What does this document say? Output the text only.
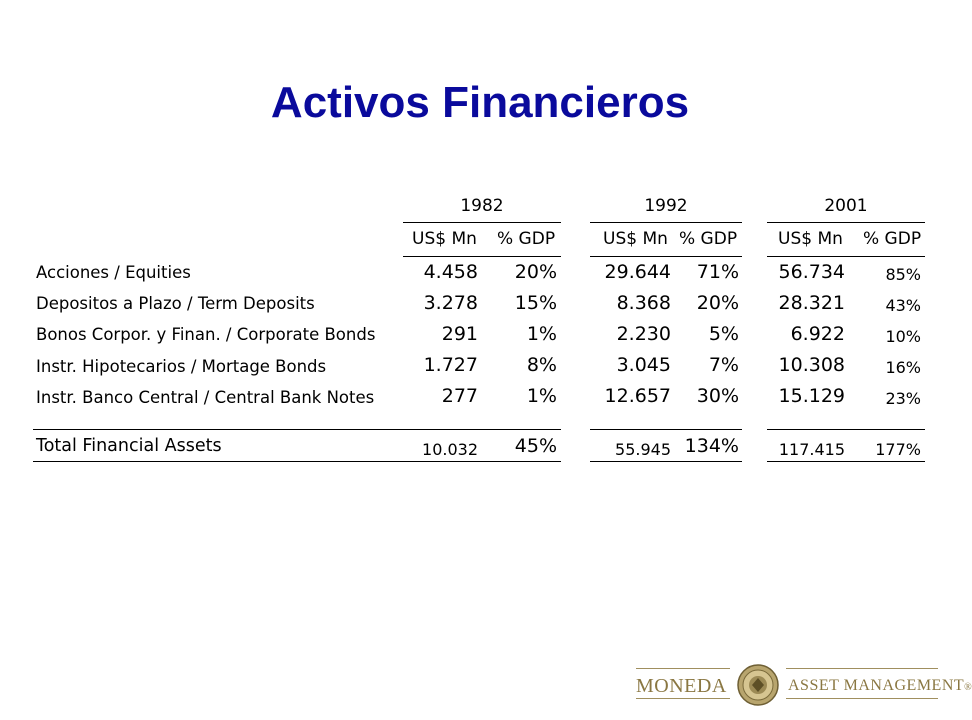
Activos Financieros
1982	1992	2001
US$ Mn % GDP	US$ Mn % GDP US$ Mn % GDP
Acciones / Equities	4.458 20%	29.644 71% 56.734	85%
Depositos a Plazo / Term Deposits	3.278 15%	8.368 20% 28.321	43%
Bonos Corpor. y Finan. / Corporate Bonds	291	1%	2.230 5%	6.922	10%
Instr. Hipotecarios / Mortage Bonds	1.727	8%	3.045 7% 10.308	16%
Instr. Banco Central / Central Bank Notes	277	1%	12.657 30% 15.129	23%
Total Financial Assets	10.032 45%	55.945 134% 117.415 177%
MONEDA	ASSET MANAGEMENT®
